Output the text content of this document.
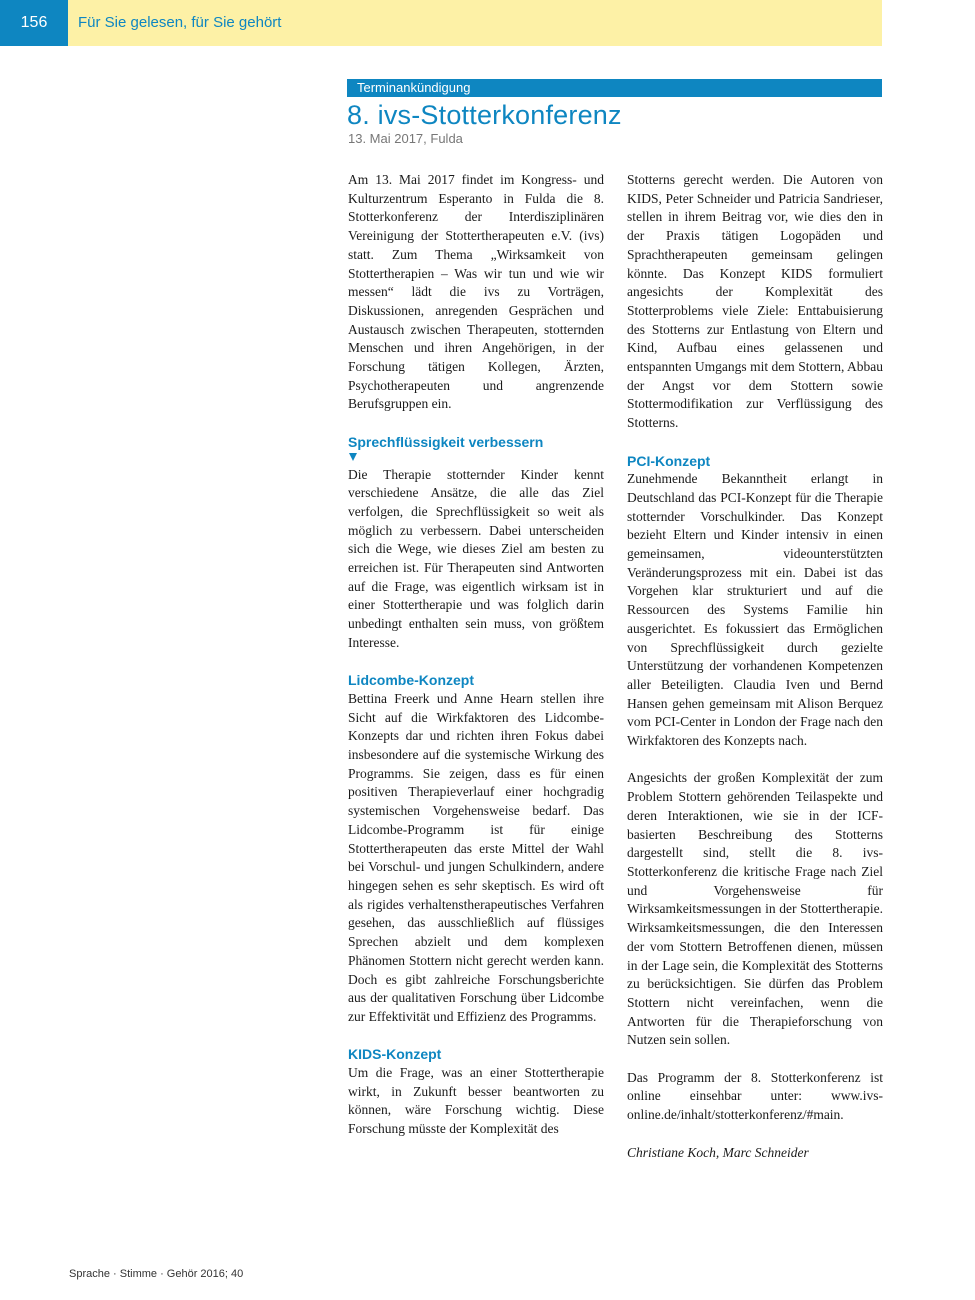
156	Für Sie gelesen, für Sie gehört
Terminankündigung
8. ivs-Stotterkonferenz
13. Mai 2017, Fulda

Am 13. Mai 2017 findet im Kongress- und Kulturzentrum Esperanto in Fulda die 8. Stotterkonferenz der Interdisziplinären Vereinigung der Stottertherapeuten e.V. (ivs) statt. Zum Thema „Wirksamkeit von Stottertherapien – Was wir tun und wie wir messen“ lädt die ivs zu Vorträgen, Diskussionen, anregenden Gesprächen und Austausch zwischen Therapeuten, stotternden Menschen und ihren Angehörigen, in der Forschung tätigen Kollegen, Ärzten, Psychotherapeuten und angrenzende Berufsgruppen ein.

Sprechflüssigkeit verbessern

Die Therapie stotternder Kinder kennt verschiedene Ansätze, die alle das Ziel verfolgen, die Sprechflüssigkeit so weit als möglich zu verbessern. Dabei unterscheiden sich die Wege, wie dieses Ziel am besten zu erreichen ist. Für Therapeuten sind Antworten auf die Frage, was eigentlich wirksam ist in einer Stottertherapie und was folglich darin unbedingt enthalten sein muss, von größtem Interesse.

Lidcombe-Konzept

Bettina Freerk und Anne Hearn stellen ihre Sicht auf die Wirkfaktoren des Lidcombe-Konzepts dar und richten ihren Fokus dabei insbesondere auf die systemische Wirkung des Programms. Sie zeigen, dass es für einen positiven Therapieverlauf einer hochgradig systemischen Vorgehensweise bedarf. Das Lidcombe-Programm ist für einige Stottertherapeuten das erste Mittel der Wahl bei Vorschul- und jungen Schulkindern, andere hingegen sehen es sehr skeptisch. Es wird oft als rigides verhaltenstherapeutisches Verfahren gesehen, das ausschließlich auf flüssiges Sprechen abzielt und dem komplexen Phänomen Stottern nicht gerecht werden kann. Doch es gibt zahlreiche Forschungsberichte aus der qualitativen Forschung über Lidcombe zur Effektivität und Effizienz des Programms.

KIDS-Konzept

Um die Frage, was an einer Stottertherapie wirkt, in Zukunft besser beantworten zu können, wäre Forschung wichtig. Diese Forschung müsste der Komplexität des

Stotterns gerecht werden. Die Autoren von KIDS, Peter Schneider und Patricia Sandrieser, stellen in ihrem Beitrag vor, wie dies den in der Praxis tätigen Logopäden und Sprachtherapeuten gemeinsam gelingen könnte. Das Konzept KIDS formuliert angesichts der Komplexität des Stotterproblems viele Ziele: Enttabuisierung des Stotterns zur Entlastung von Eltern und Kind, Aufbau eines gelassenen und entspannten Umgangs mit dem Stottern, Abbau der Angst vor dem Stottern sowie Stottermodifikation zur Verflüssigung des Stotterns.

PCI-Konzept

Zunehmende Bekanntheit erlangt in Deutschland das PCI-Konzept für die Therapie stotternder Vorschulkinder. Das Konzept bezieht Eltern und Kinder intensiv in einen gemeinsamen, videounterstützten Veränderungsprozess mit ein. Dabei ist das Vorgehen klar strukturiert und auf die Ressourcen des Systems Familie hin ausgerichtet. Es fokussiert das Ermöglichen von Sprechflüssigkeit durch gezielte Unterstützung der vorhandenen Kompetenzen aller Beteiligten. Claudia Iven und Bernd Hansen gehen gemeinsam mit Alison Berquez vom PCI-Center in London der Frage nach den Wirkfaktoren des Konzepts nach.

Angesichts der großen Komplexität der zum Problem Stottern gehörenden Teilaspekte und deren Interaktionen, wie sie in der ICF-basierten Beschreibung des Stotterns dargestellt sind, stellt die 8. ivs-Stotterkonferenz die kritische Frage nach Ziel und Vorgehensweise für Wirksamkeitsmessungen in der Stottertherapie. Wirksamkeitsmessungen, die den Interessen der vom Stottern Betroffenen dienen, müssen in der Lage sein, die Komplexität des Stotterns zu berücksichtigen. Sie dürfen das Problem Stottern nicht vereinfachen, wenn die Antworten für die Therapieforschung von Nutzen sein sollen.

Das Programm der 8. Stotterkonferenz ist online einsehbar unter: www.ivs-online.de/inhalt/stotterkonferenz/#main.

Christiane Koch, Marc Schneider

Sprache · Stimme · Gehör 2016; 40
